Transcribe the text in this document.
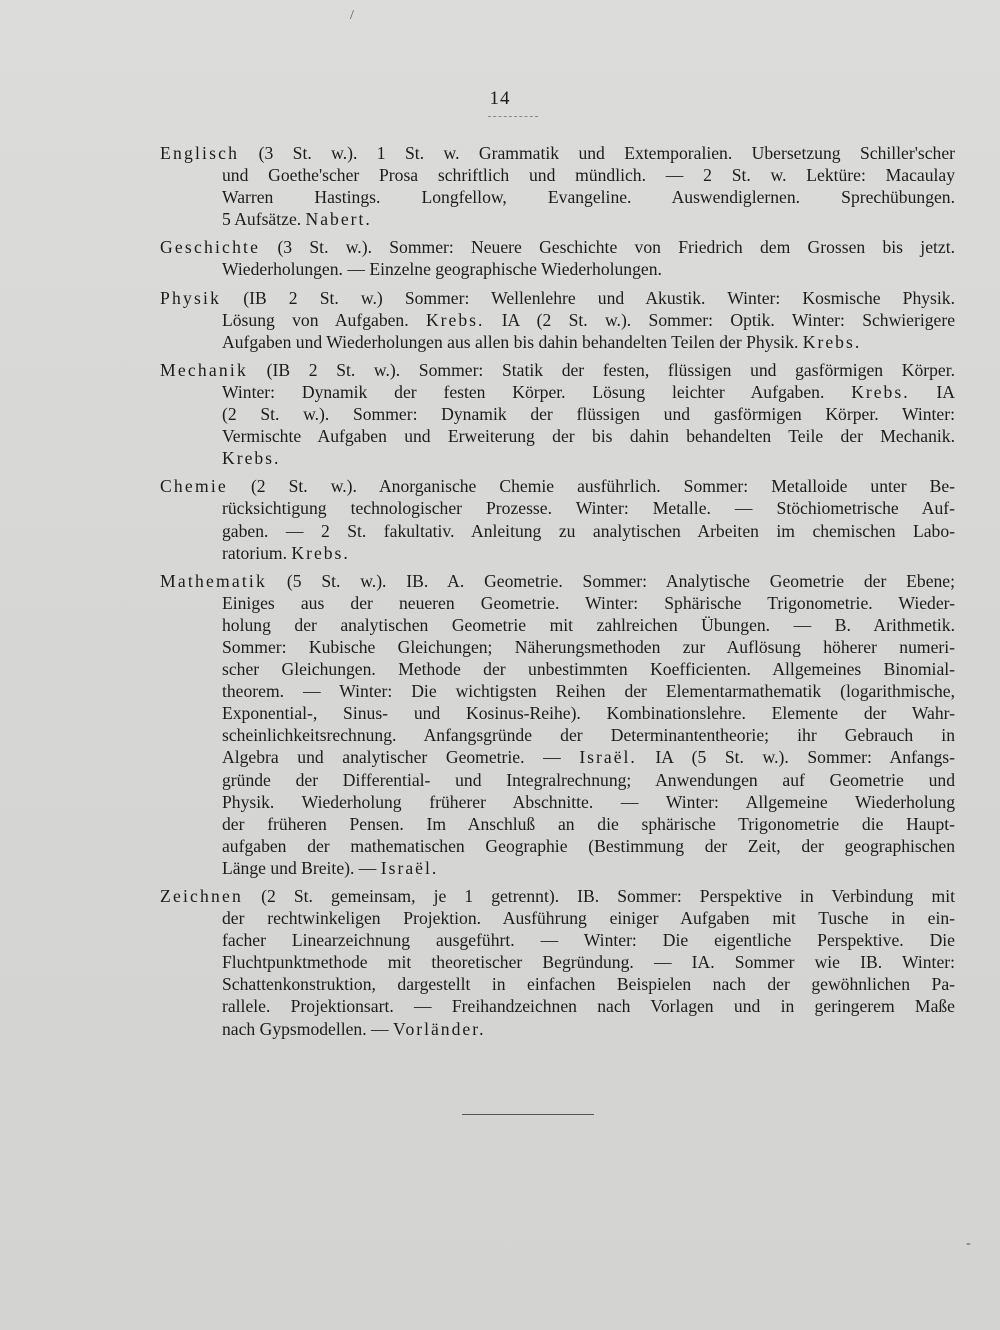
/
14
Englisch (3 St. w.). 1 St. w. Grammatik und Extemporalien. Ubersetzung Schiller'scher
und Goethe'scher Prosa schriftlich und mündlich. — 2 St. w. Lektüre: Macaulay
Warren Hastings. Longfellow, Evangeline. Auswendiglernen. Sprechübungen.
5 Aufsätze. Nabert.
Geschichte (3 St. w.). Sommer: Neuere Geschichte von Friedrich dem Grossen bis jetzt.
Wiederholungen. — Einzelne geographische Wiederholungen.
Physik (IB 2 St. w.) Sommer: Wellenlehre und Akustik. Winter: Kosmische Physik.
Lösung von Aufgaben. Krebs. IA (2 St. w.). Sommer: Optik. Winter: Schwierigere
Aufgaben und Wiederholungen aus allen bis dahin behandelten Teilen der Physik. Krebs.
Mechanik (IB 2 St. w.). Sommer: Statik der festen, flüssigen und gasförmigen Körper.
Winter: Dynamik der festen Körper. Lösung leichter Aufgaben. Krebs. IA
(2 St. w.). Sommer: Dynamik der flüssigen und gasförmigen Körper. Winter:
Vermischte Aufgaben und Erweiterung der bis dahin behandelten Teile der Mechanik.
Krebs.
Chemie (2 St. w.). Anorganische Chemie ausführlich. Sommer: Metalloide unter Be-
rücksichtigung technologischer Prozesse. Winter: Metalle. — Stöchiometrische Auf-
gaben. — 2 St. fakultativ. Anleitung zu analytischen Arbeiten im chemischen Labo-
ratorium. Krebs.
Mathematik (5 St. w.). IB. A. Geometrie. Sommer: Analytische Geometrie der Ebene;
Einiges aus der neueren Geometrie. Winter: Sphärische Trigonometrie. Wieder-
holung der analytischen Geometrie mit zahlreichen Übungen. — B. Arithmetik.
Sommer: Kubische Gleichungen; Näherungsmethoden zur Auflösung höherer numeri-
scher Gleichungen. Methode der unbestimmten Koefficienten. Allgemeines Binomial-
theorem. — Winter: Die wichtigsten Reihen der Elementarmathematik (logarithmische,
Exponential-, Sinus- und Kosinus-Reihe). Kombinationslehre. Elemente der Wahr-
scheinlichkeitsrechnung. Anfangsgründe der Determinantentheorie; ihr Gebrauch in
Algebra und analytischer Geometrie. — Israël. IA (5 St. w.). Sommer: Anfangs-
gründe der Differential- und Integralrechnung; Anwendungen auf Geometrie und
Physik. Wiederholung früherer Abschnitte. — Winter: Allgemeine Wiederholung
der früheren Pensen. Im Anschluß an die sphärische Trigonometrie die Haupt-
aufgaben der mathematischen Geographie (Bestimmung der Zeit, der geographischen
Länge und Breite). — Israël.
Zeichnen (2 St. gemeinsam, je 1 getrennt). IB. Sommer: Perspektive in Verbindung mit
der rechtwinkeligen Projektion. Ausführung einiger Aufgaben mit Tusche in ein-
facher Linearzeichnung ausgeführt. — Winter: Die eigentliche Perspektive. Die
Fluchtpunktmethode mit theoretischer Begründung. — IA. Sommer wie IB. Winter:
Schattenkonstruktion, dargestellt in einfachen Beispielen nach der gewöhnlichen Pa-
rallele. Projektionsart. — Freihandzeichnen nach Vorlagen und in geringerem Maße
nach Gypsmodellen. — Vorländer.
-
